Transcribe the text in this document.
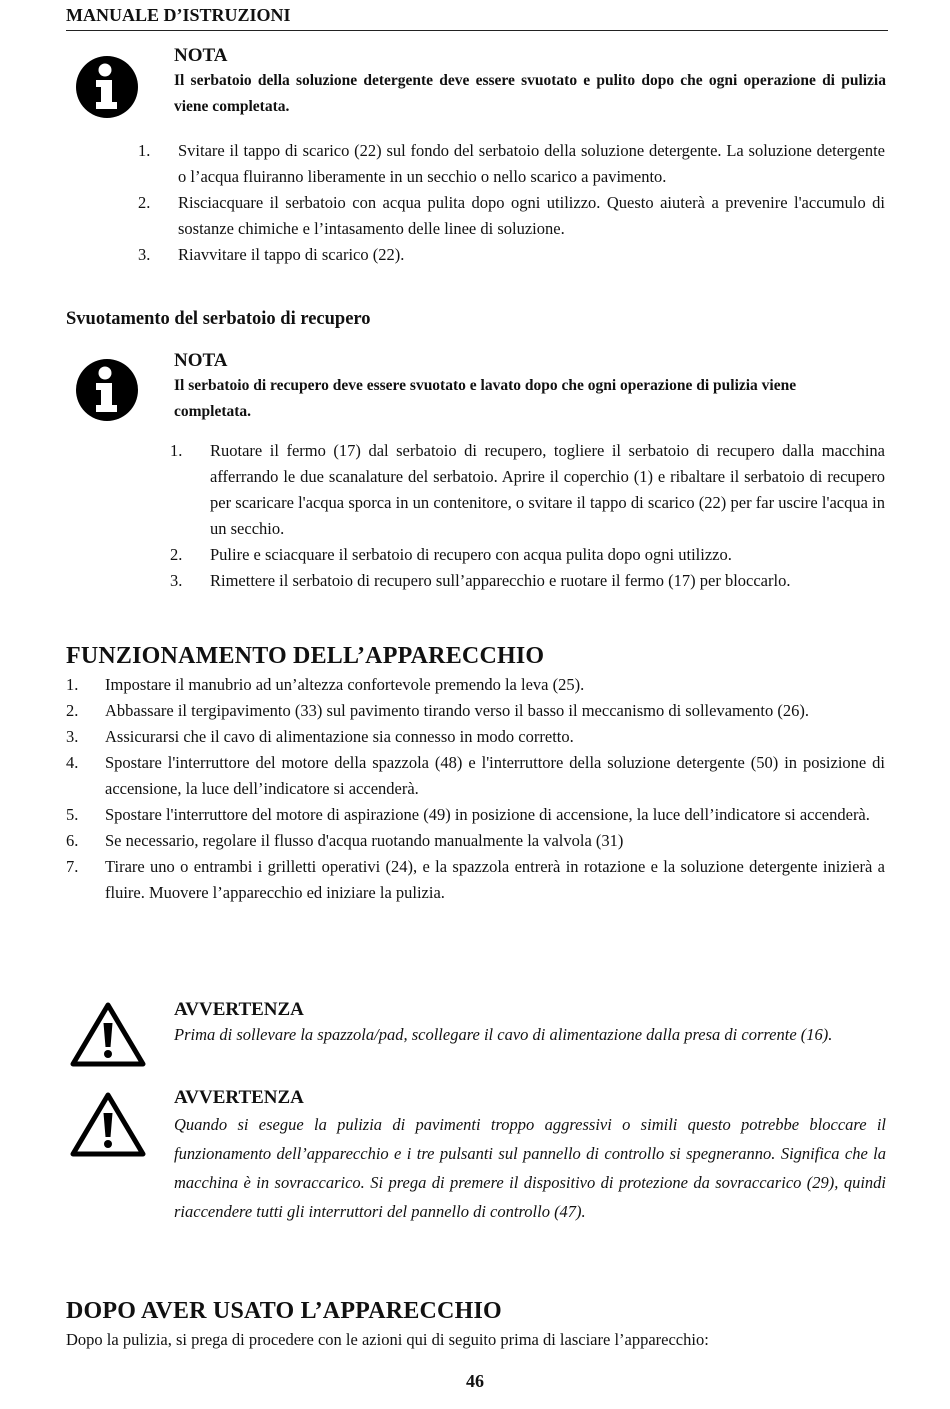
MANUALE D’ISTRUZIONI
NOTA
Il serbatoio della soluzione detergente deve essere svuotato e pulito dopo che ogni operazione di pulizia viene completata.
1. Svitare il tappo di scarico (22) sul fondo del serbatoio della soluzione detergente. La soluzione detergente o l’acqua fluiranno liberamente in un secchio o nello scarico a pavimento.
2. Risciacquare il serbatoio con acqua pulita dopo ogni utilizzo. Questo aiuterà a prevenire l'accumulo di sostanze chimiche e l’intasamento delle linee di soluzione.
3. Riavvitare il tappo di scarico (22).
Svuotamento del serbatoio di recupero
NOTA
Il serbatoio di recupero deve essere svuotato e lavato dopo che ogni operazione di pulizia viene completata.
1. Ruotare il fermo (17) dal serbatoio di recupero, togliere il serbatoio di recupero dalla macchina afferrando le due scanalature del serbatoio. Aprire il coperchio (1) e ribaltare il serbatoio di recupero per scaricare l'acqua sporca in un contenitore, o svitare il tappo di scarico (22) per far uscire l'acqua in un secchio.
2. Pulire e sciacquare il serbatoio di recupero con acqua pulita dopo ogni utilizzo.
3. Rimettere il serbatoio di recupero sull’apparecchio e ruotare il fermo (17) per bloccarlo.
FUNZIONAMENTO DELL’APPARECCHIO
1. Impostare il manubrio ad un’altezza confortevole premendo la leva (25).
2. Abbassare il tergipavimento (33) sul pavimento tirando verso il basso il meccanismo di sollevamento (26).
3. Assicurarsi che il cavo di alimentazione sia connesso in modo corretto.
4. Spostare l'interruttore del motore della spazzola (48) e l'interruttore della soluzione detergente (50) in posizione di accensione, la luce dell’indicatore si accenderà.
5. Spostare l'interruttore del motore di aspirazione (49) in posizione di accensione, la luce dell’indicatore si accenderà.
6. Se necessario, regolare il flusso d'acqua ruotando manualmente la valvola (31)
7. Tirare uno o entrambi i grilletti operativi (24), e la spazzola entrerà in rotazione e la soluzione detergente inizierà a fluire. Muovere l’apparecchio ed iniziare la pulizia.
AVVERTENZA
Prima di sollevare la spazzola/pad, scollegare il cavo di alimentazione dalla presa di corrente (16).
AVVERTENZA
Quando si esegue la pulizia di pavimenti troppo aggressivi o simili questo potrebbe bloccare il funzionamento dell’apparecchio e i tre pulsanti sul pannello di controllo si spegneranno. Significa che la macchina è in sovraccarico. Si prega di premere il dispositivo di protezione da sovraccarico (29), quindi riaccendere tutti gli interruttori del pannello di controllo (47).
DOPO AVER USATO L’APPARECCHIO
Dopo la pulizia, si prega di procedere con le azioni qui di seguito prima di lasciare l’apparecchio:
46
